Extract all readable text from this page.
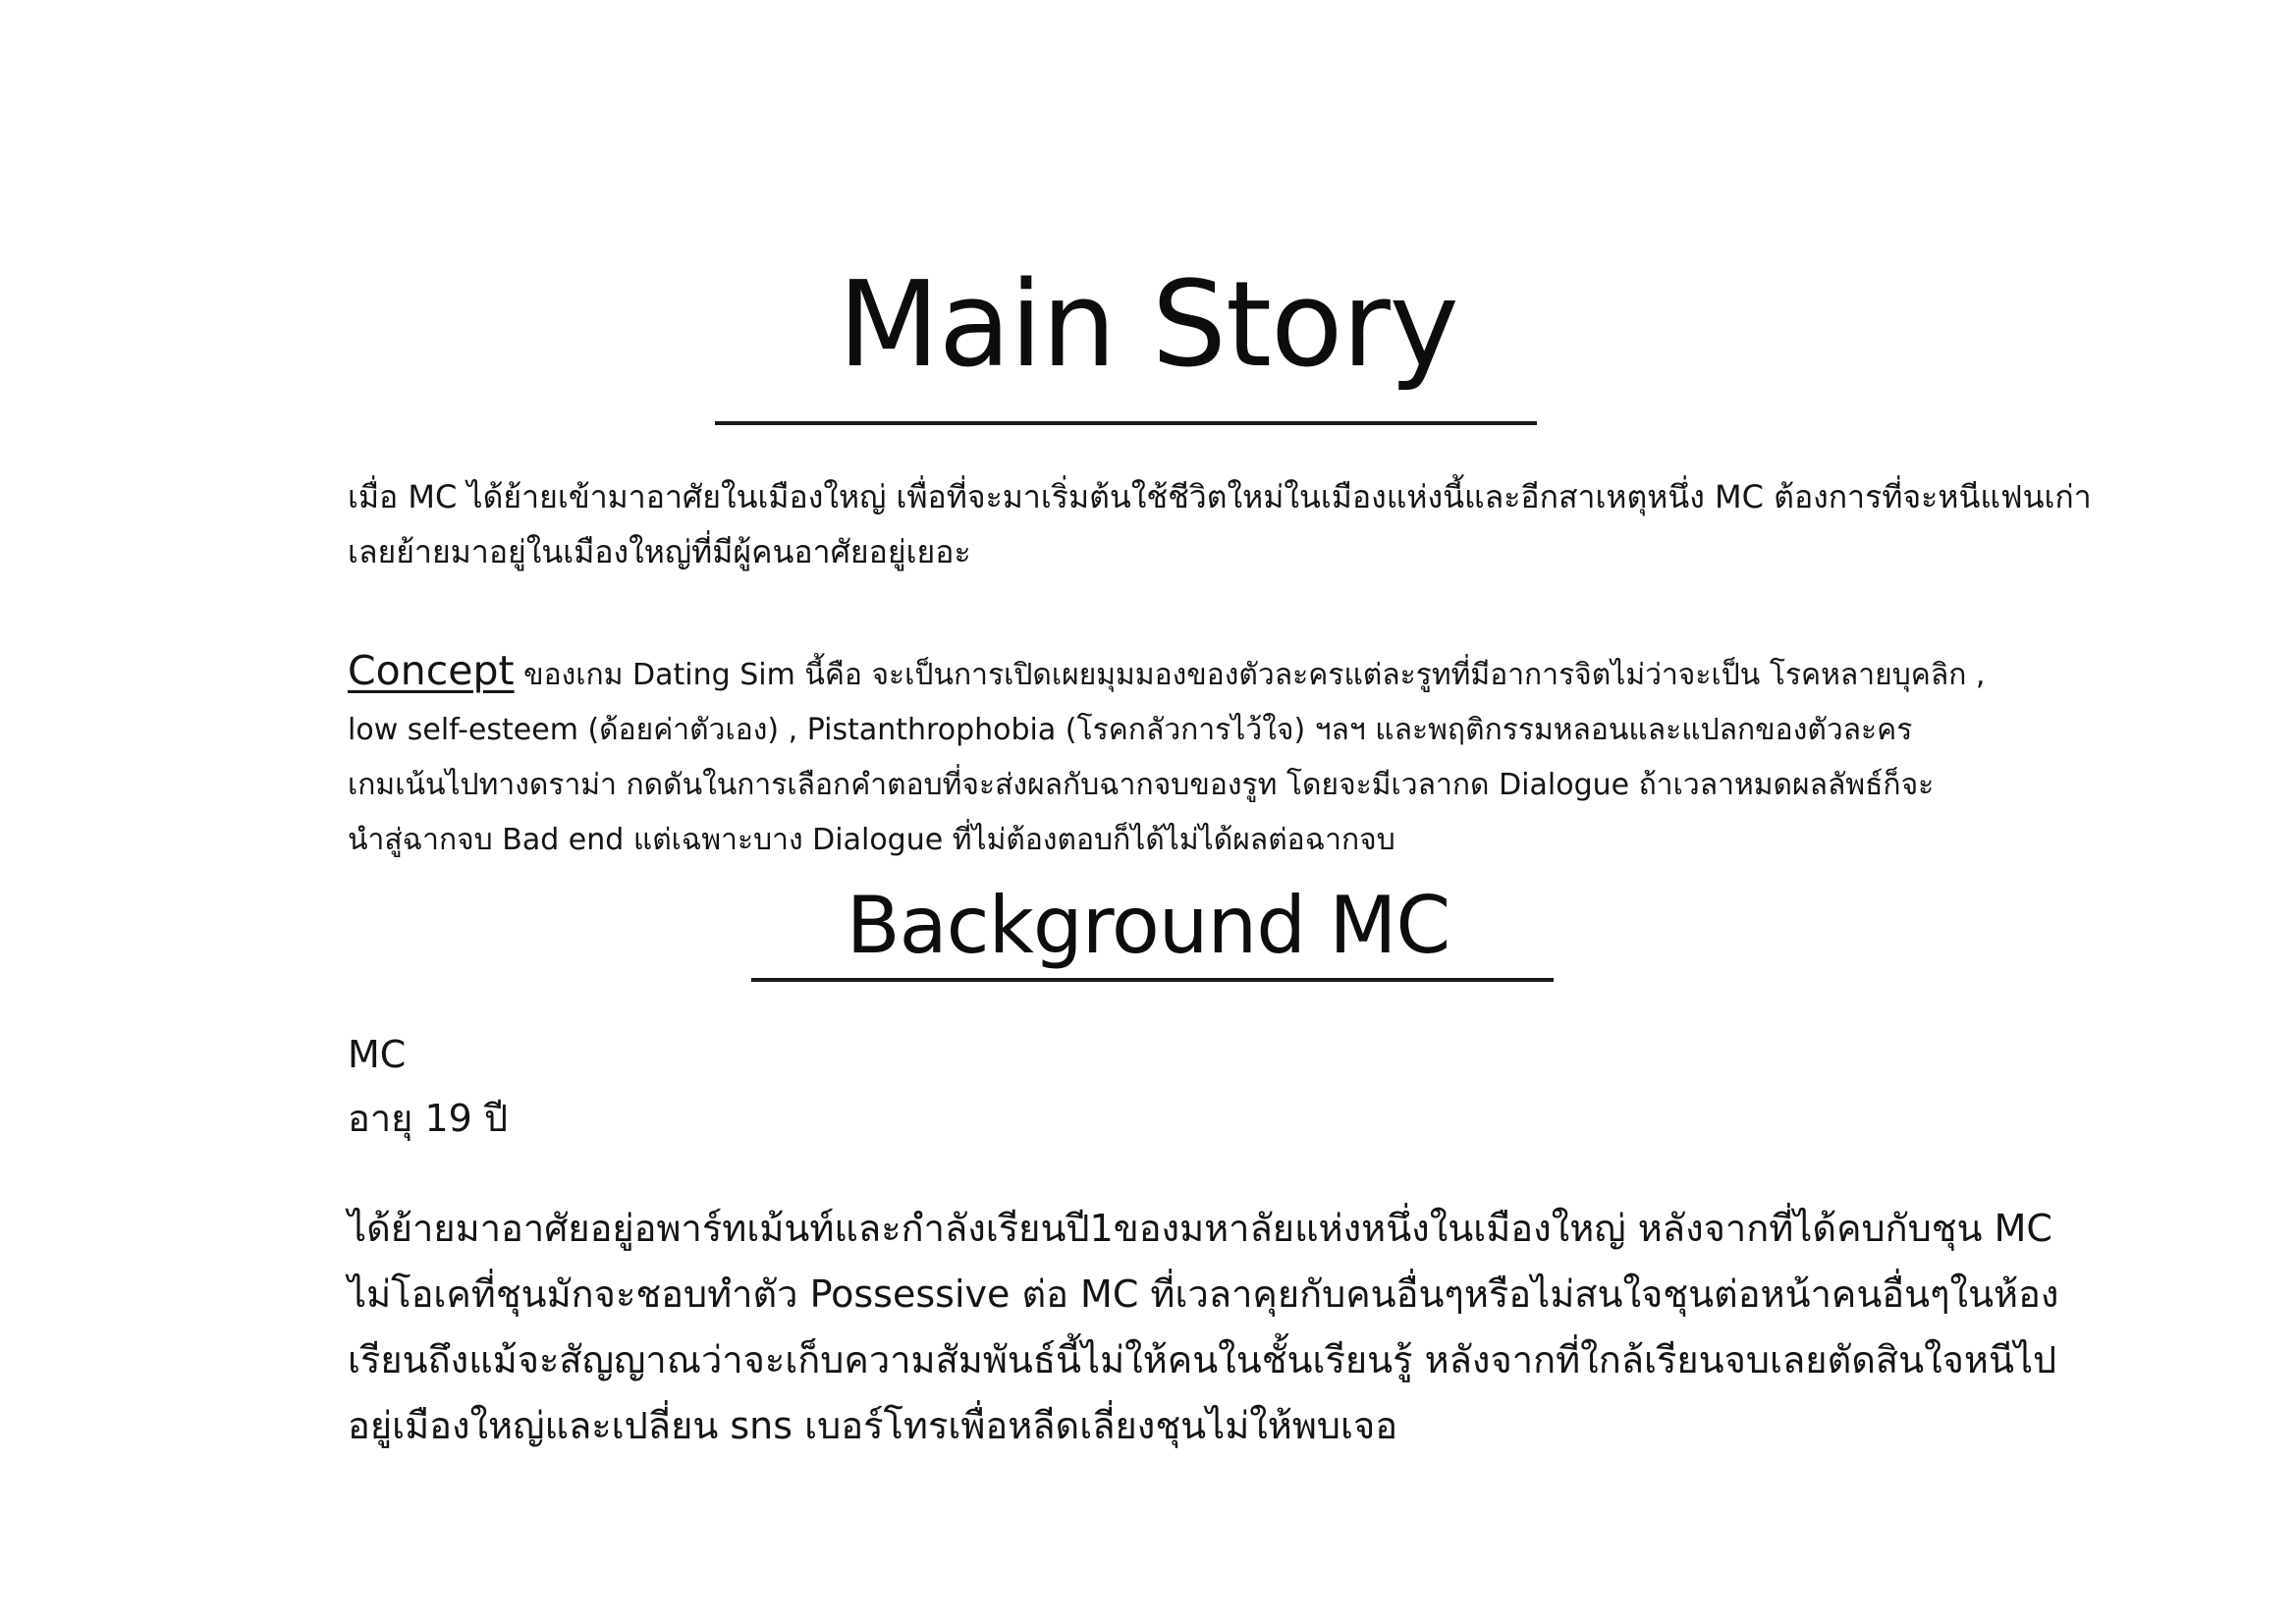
Main Story
เมื่อ MC ได้ย้ายเข้ามาอาศัยในเมืองใหญ่ เพื่อที่จะมาเริ่มต้นใช้ชีวิตใหม่ในเมืองแห่งนี้และอีกสาเหตุหนึ่ง MC ต้องการที่จะหนีแฟนเก่า
เลยย้ายมาอยู่ในเมืองใหญ่ที่มีผู้คนอาศัยอยู่เยอะ
Concept ของเกม Dating Sim นี้คือ จะเป็นการเปิดเผยมุมมองของตัวละครแต่ละรูทที่มีอาการจิตไม่ว่าจะเป็น โรคหลายบุคลิก ,
low self-esteem (ด้อยค่าตัวเอง) , Pistanthrophobia (โรคกลัวการไว้ใจ) ฯลฯ และพฤติกรรมหลอนและแปลกของตัวละคร
เกมเน้นไปทางดราม่า กดดันในการเลือกคำตอบที่จะส่งผลกับฉากจบของรูท โดยจะมีเวลากด Dialogue ถ้าเวลาหมดผลลัพธ์ก็จะ
นำสู่ฉากจบ Bad end แต่เฉพาะบาง Dialogue ที่ไม่ต้องตอบก็ได้ไม่ได้ผลต่อฉากจบ
Background MC
MC
อายุ 19 ปี
ได้ย้ายมาอาศัยอยู่อพาร์ทเม้นท์และกำลังเรียนปี1ของมหาลัยแห่งหนึ่งในเมืองใหญ่ หลังจากที่ได้คบกับชุน MC
ไม่โอเคที่ชุนมักจะชอบทำตัว Possessive ต่อ MC ที่เวลาคุยกับคนอื่นๆหรือไม่สนใจชุนต่อหน้าคนอื่นๆในห้อง
เรียนถึงแม้จะสัญญาณว่าจะเก็บความสัมพันธ์นี้ไม่ให้คนในชั้นเรียนรู้ หลังจากที่ใกล้เรียนจบเลยตัดสินใจหนีไป
อยู่เมืองใหญ่และเปลี่ยน sns เบอร์โทรเพื่อหลีดเลี่ยงชุนไม่ให้พบเจอ
